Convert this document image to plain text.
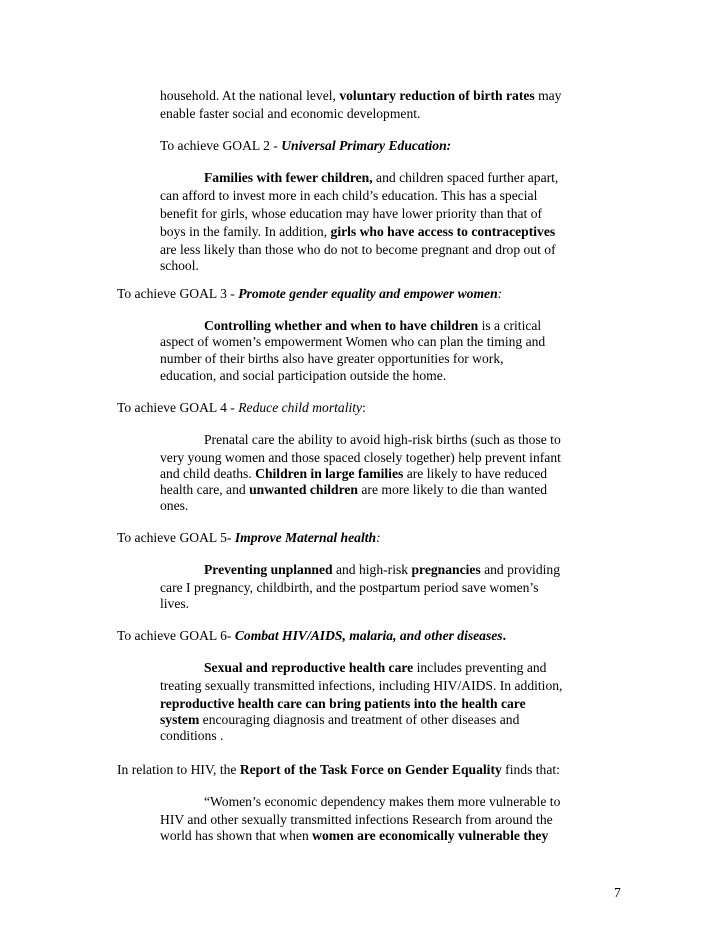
household. At the national level, voluntary reduction of birth rates may
enable faster social and economic development.
To achieve GOAL 2 - Universal Primary Education:
Families with fewer children, and children spaced further apart,
can afford to invest more in each child’s education. This has a special
benefit for girls, whose education may have lower priority than that of
boys in the family. In addition, girls who have access to contraceptives
are less likely than those who do not to become pregnant and drop out of
school.
To achieve GOAL 3 - Promote gender equality and empower women:
Controlling whether and when to have children is a critical
aspect of women’s empowerment Women who can plan the timing and
number of their births also have greater opportunities for work,
education, and social participation outside the home.
To achieve GOAL 4 - Reduce child mortality:
Prenatal care the ability to avoid high-risk births (such as those to
very young women and those spaced closely together) help prevent infant
and child deaths. Children in large families are likely to have reduced
health care, and unwanted children are more likely to die than wanted
ones.
To achieve GOAL 5- Improve Maternal health:
Preventing unplanned and high-risk pregnancies and providing
care I pregnancy, childbirth, and the postpartum period save women’s
lives.
To achieve GOAL 6- Combat HIV/AIDS, malaria, and other diseases.
Sexual and reproductive health care includes preventing and
treating sexually transmitted infections, including HIV/AIDS. In addition,
reproductive health care can bring patients into the health care
system encouraging diagnosis and treatment of other diseases and
conditions .
In relation to HIV, the Report of the Task Force on Gender Equality finds that:
“Women’s economic dependency makes them more vulnerable to
HIV and other sexually transmitted infections Research from around the
world has shown that when women are economically vulnerable they
7
